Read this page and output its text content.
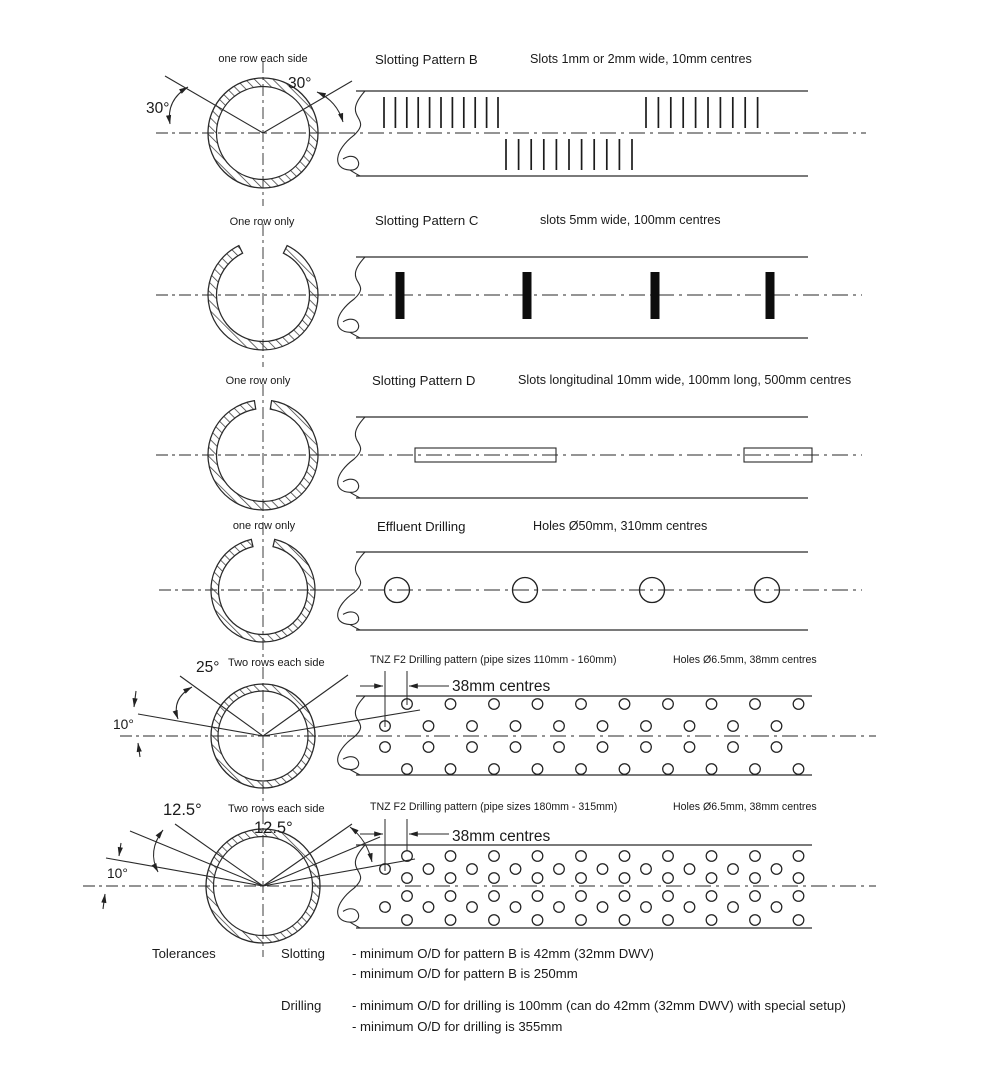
one row each side
30°
30°
Slotting Pattern B	Slots 1mm or 2mm wide, 10mm centres
One row only	Slotting Pattern C	slots 5mm wide, 100mm centres
One row only	Slotting Pattern D	Slots longitudinal 10mm wide, 100mm long, 500mm centres
one row only	Effluent Drilling	Holes Ø50mm, 310mm centres
25° Two rows each side
10°
TNZ F2 Drilling pattern (pipe sizes 110mm - 160mm)	Holes Ø6.5mm, 38mm centres
38mm centres
12.5° Two rows each side
12.5°
10°
TNZ F2 Drilling pattern (pipe sizes 180mm - 315mm)	Holes Ø6.5mm, 38mm centres
38mm centres
Tolerances	Slotting - minimum O/D for pattern B is 42mm (32mm DWV)
- minimum O/D for pattern B is 250mm
Drilling - minimum O/D for drilling is 100mm (can do 42mm (32mm DWV) with special setup)
- minimum O/D for drilling is 355mm
